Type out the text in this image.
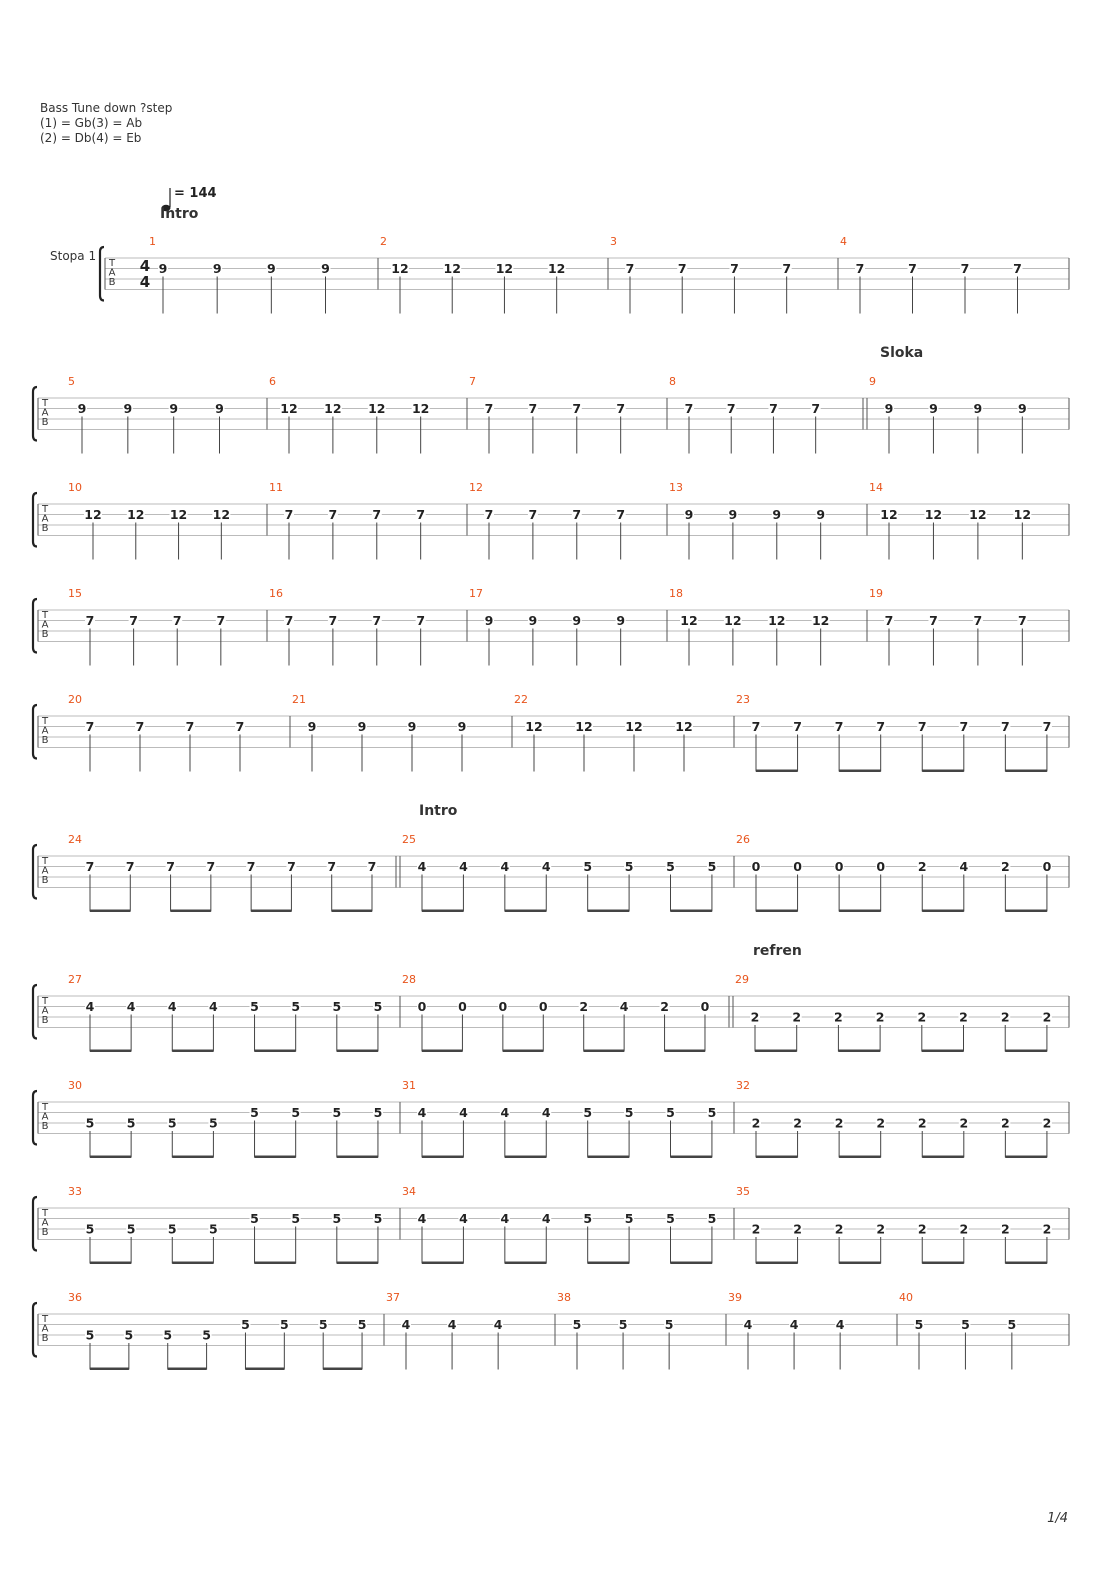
Bass Tune down ?step
(1) = Gb(3) = Ab
(2) = Db(4) = Eb
= 144
Stopa 1
1/4
T
A
B
4
4
1
9	9	9	9
2
12	12	12	12
3
7	7	7	7
4
7	7	7	7
Intro
T
A
B
5
9	9	9	9
6
12 12 12 12
7
7	7	7	7
8
7	7	7	7
9
9	9	9	9
Sloka
T
A
B
10
12 12 12 12
11
7	7	7	7
12
7	7	7	7
13
9	9	9	9
14
12 12 12 12
T
A
B
15
7	7	7	7
16
7	7	7	7
17
9	9	9	9
18
12 12 12 12
19
7	7	7	7
T
A
B
20
7	7	7	7
21
9	9	9	9
22
12	12	12	12
23
7	7	7	7	7	7	7	7
T
A
B
24
7	7	7	7	7	7	7	7
25
4	4	4	4	5	5	5	5
26
0	0	0	0	2	4	2	0
Intro
T
A
B
27
4	4	4	4	5	5	5	5
28
0	0	0	0	2	4	2	0
29
2	2	2	2	2	2	2	2
refren
T
A
B
30
5	5	5	5
5	5	5	5
31
4	4	4	4	5	5	5	5
32
2	2	2	2	2	2	2	2
T
A
B
33
5	5	5	5
5	5	5	5
34
4	4	4	4	5	5	5	5
35
2	2	2	2	2	2	2	2
T
A
B
36
5 5 5 5
5 5 5 5
37
4	4	4
38
5	5	5
39
4	4	4
40
5	5	5
